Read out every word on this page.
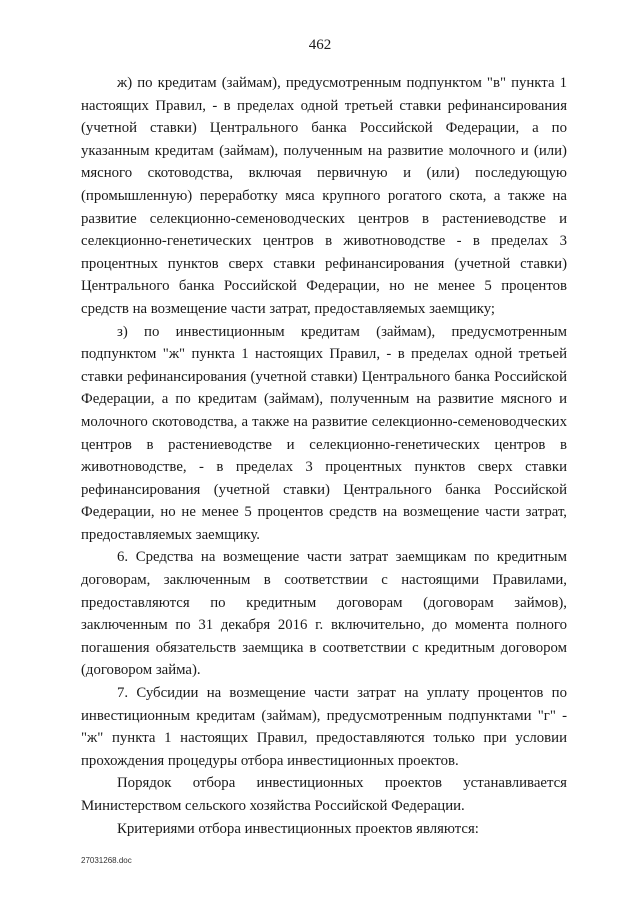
462

ж) по кредитам (займам), предусмотренным подпунктом "в" пункта 1 настоящих Правил, - в пределах одной третьей ставки рефинансирования (учетной ставки) Центрального банка Российской Федерации, а по указанным кредитам (займам), полученным на развитие молочного и (или) мясного скотоводства, включая первичную и (или) последующую (промышленную) переработку мяса крупного рогатого скота, а также на развитие селекционно-семеноводческих центров в растениеводстве и селекционно-генетических центров в животноводстве - в пределах 3 процентных пунктов сверх ставки рефинансирования (учетной ставки) Центрального банка Российской Федерации, но не менее 5 процентов средств на возмещение части затрат, предоставляемых заемщику;

з) по инвестиционным кредитам (займам), предусмотренным подпунктом "ж" пункта 1 настоящих Правил, - в пределах одной третьей ставки рефинансирования (учетной ставки) Центрального банка Российской Федерации, а по кредитам (займам), полученным на развитие мясного и молочного скотоводства, а также на развитие селекционно-семеноводческих центров в растениеводстве и селекционно-генетических центров в животноводстве, - в пределах 3 процентных пунктов сверх ставки рефинансирования (учетной ставки) Центрального банка Российской Федерации, но не менее 5 процентов средств на возмещение части затрат, предоставляемых заемщику.

6. Средства на возмещение части затрат заемщикам по кредитным договорам, заключенным в соответствии с настоящими Правилами, предоставляются по кредитным договорам (договорам займов), заключенным по 31 декабря 2016 г. включительно, до момента полного погашения обязательств заемщика в соответствии с кредитным договором (договором займа).

7. Субсидии на возмещение части затрат на уплату процентов по инвестиционным кредитам (займам), предусмотренным подпунктами "г" - "ж" пункта 1 настоящих Правил, предоставляются только при условии прохождения процедуры отбора инвестиционных проектов.

Порядок отбора инвестиционных проектов устанавливается Министерством сельского хозяйства Российской Федерации.

Критериями отбора инвестиционных проектов являются:

27031268.doc
